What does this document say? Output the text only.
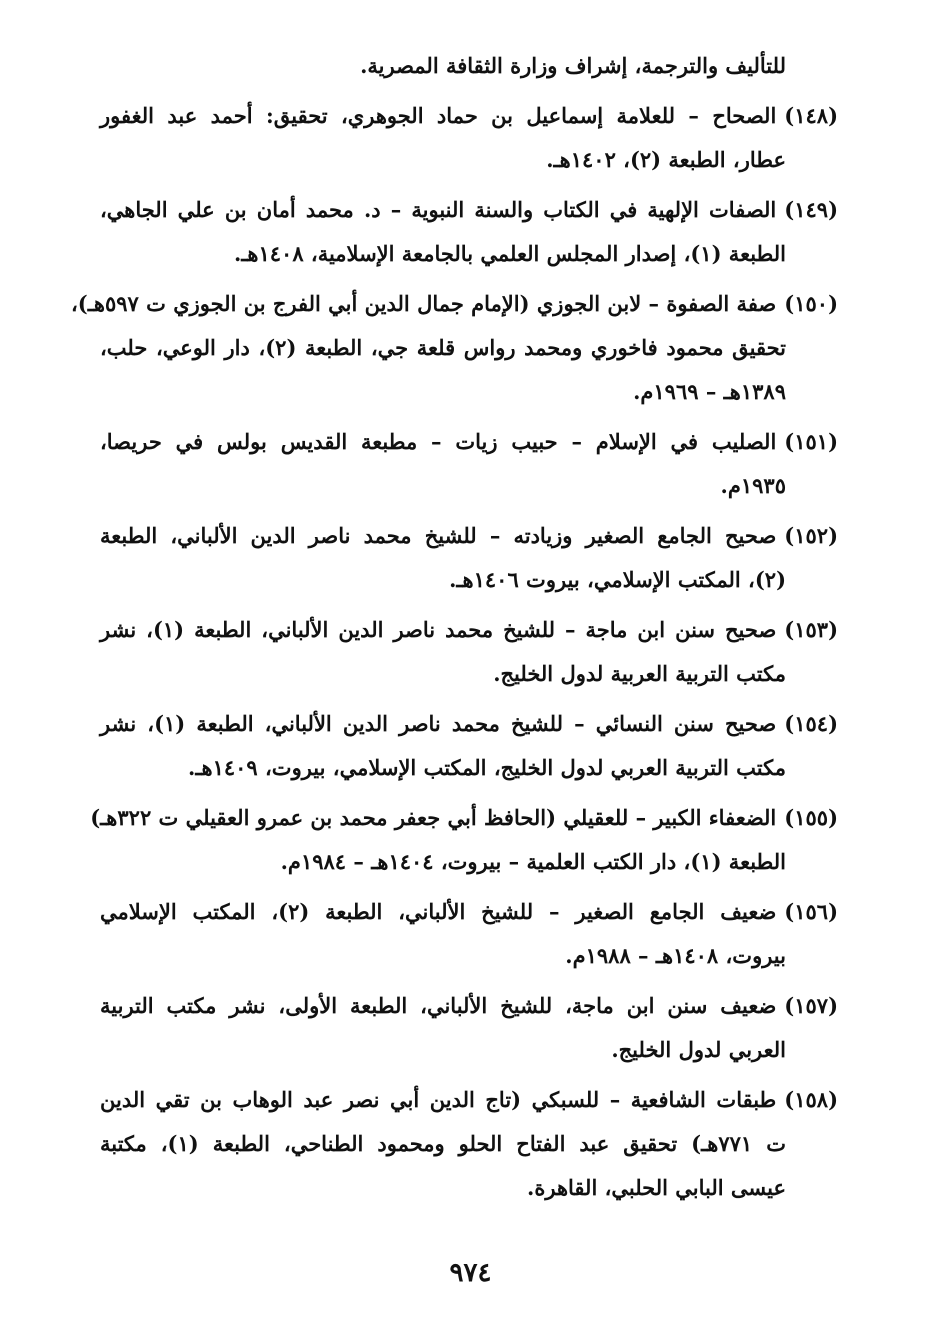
للتأليف والترجمة، إشراف وزارة الثقافة المصرية.
(١٤٨)
الصحاح – للعلامة إسماعيل بن حماد الجوهري، تحقيق: أحمد عبد الغفور
عطار، الطبعة (٢)، ١٤٠٢هـ.
(١٤٩)
الصفات الإلهية في الكتاب والسنة النبوية – د. محمد أمان بن علي الجاهي،
الطبعة (١)، إصدار المجلس العلمي بالجامعة الإسلامية، ١٤٠٨هـ.
(١٥٠)
صفة الصفوة – لابن الجوزي (الإمام جمال الدين أبي الفرج بن الجوزي ت ٥٩٧هـ)،
تحقيق محمود فاخوري ومحمد رواس قلعة جي، الطبعة (٢)، دار الوعي، حلب،
١٣٨٩هـ – ١٩٦٩م.
(١٥١)
الصليب في الإسلام – حبيب زيات – مطبعة القديس بولس في حريصا،
١٩٣٥م.
(١٥٢)
صحيح الجامع الصغير وزيادته – للشيخ محمد ناصر الدين الألباني، الطبعة
(٢)، المكتب الإسلامي، بيروت ١٤٠٦هـ.
(١٥٣)
صحيح سنن ابن ماجة – للشيخ محمد ناصر الدين الألباني، الطبعة (١)، نشر
مكتب التربية العربية لدول الخليج.
(١٥٤)
صحيح سنن النسائي – للشيخ محمد ناصر الدين الألباني، الطبعة (١)، نشر
مكتب التربية العربي لدول الخليج، المكتب الإسلامي، بيروت، ١٤٠٩هـ.
(١٥٥)
الضعفاء الكبير – للعقيلي (الحافظ أبي جعفر محمد بن عمرو العقيلي ت ٣٢٢هـ)
الطبعة (١)، دار الكتب العلمية – بيروت، ١٤٠٤هـ – ١٩٨٤م.
(١٥٦)
ضعيف الجامع الصغير – للشيخ الألباني، الطبعة (٢)، المكتب الإسلامي
بيروت، ١٤٠٨هـ – ١٩٨٨م.
(١٥٧)
ضعيف سنن ابن ماجة، للشيخ الألباني، الطبعة الأولى، نشر مكتب التربية
العربي لدول الخليج.
(١٥٨)
طبقات الشافعية – للسبكي (تاج الدين أبي نصر عبد الوهاب بن تقي الدين
ت ٧٧١هـ) تحقيق عبد الفتاح الحلو ومحمود الطناحي، الطبعة (١)، مكتبة
عيسى البابي الحلبي، القاهرة.
٩٧٤
